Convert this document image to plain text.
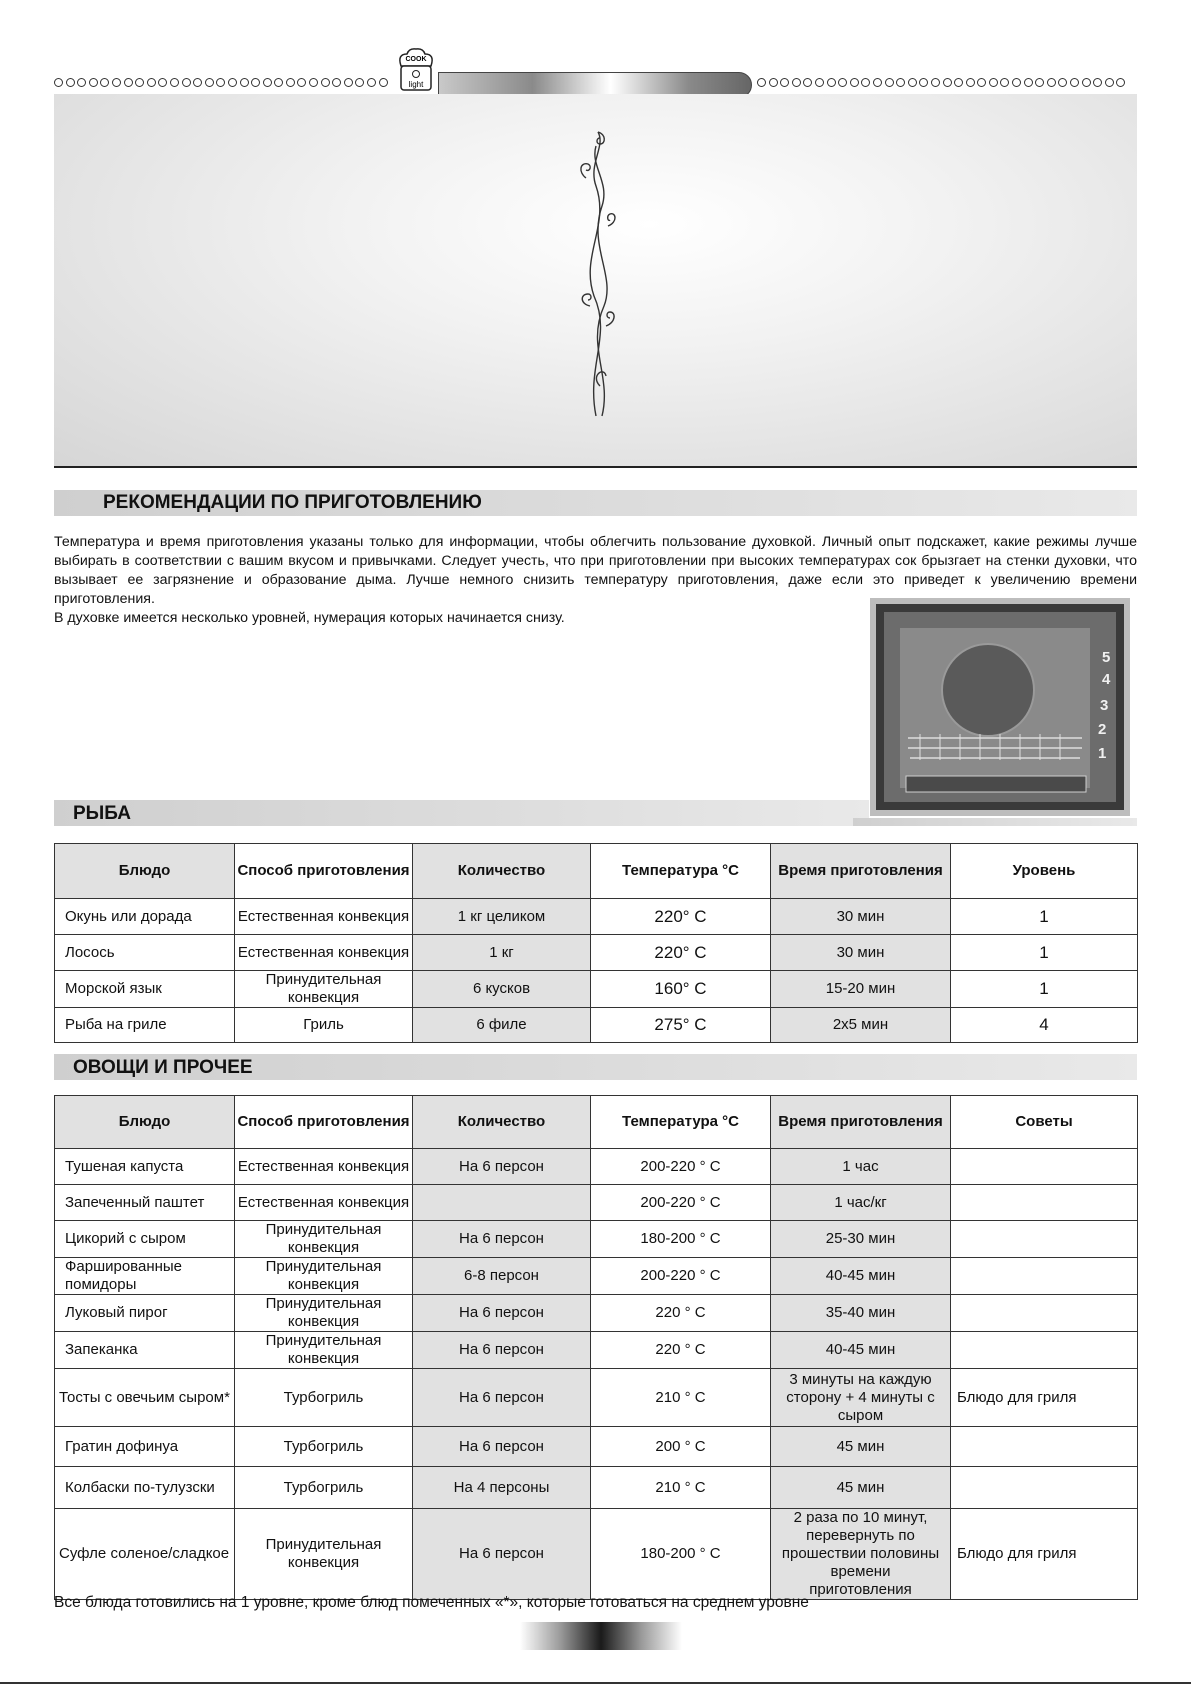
COOK
light
РЕКОМЕНДАЦИИ ПО ПРИГОТОВЛЕНИЮ
Температура и время приготовления указаны только для информации, чтобы облегчить пользование духовкой. Личный опыт подскажет, какие режимы лучше выбирать в соответствии с вашим вкусом и привычками. Следует учесть, что при приготовлении при высоких температурах сок брызгает на стенки духовки, что вызывает ее загрязнение и образование дыма. Лучше немного снизить температуру приготовления, даже если это приведет к увеличению времени приготовления.
В духовке имеется несколько уровней, нумерация которых начинается снизу.
5
4
3
2
1
РЫБА
Блюдо	Способ приготовления	Количество	Температура °C	Время приготовления	Уровень
Окунь или дорада	Естественная конвекция	1 кг целиком	220° C	30 мин	1
Лосось	Естественная конвекция	1 кг	220° C	30 мин	1
Морской язык	Принудительная конвекция	6 кусков	160° C	15-20 мин	1
Рыба на гриле	Гриль	6 филе	275° C	2x5 мин	4
ОВОЩИ И ПРОЧЕЕ
Блюдо	Способ приготовления	Количество	Температура °C	Время приготовления	Советы
Тушеная капуста	Естественная конвекция	На 6 персон	200-220 ° C	1 час	
Запеченный паштет	Естественная конвекция		200-220 ° C	1 час/кг	
Цикорий с сыром	Принудительная конвекция	На 6 персон	180-200 ° C	25-30 мин	
Фаршированные помидоры	Принудительная конвекция	6-8 персон	200-220 ° C	40-45 мин	
Луковый пирог	Принудительная конвекция	На 6 персон	220 ° C	35-40 мин	
Запеканка	Принудительная конвекция	На 6 персон	220 ° C	40-45 мин	
Тосты с овечьим сыром*	Турбогриль	На 6 персон	210 ° C	3 минуты на каждую сторону + 4 минуты с сыром	Блюдо для гриля
Гратин дофинуа	Турбогриль	На 6 персон	200 ° C	45 мин	
Колбаски по-тулузски	Турбогриль	На 4 персоны	210 ° C	45 мин	
Суфле соленое/сладкое	Принудительная конвекция	На 6 персон	180-200 ° C	2 раза по 10 минут, перевернуть по прошествии половины времени приготовления	Блюдо для гриля
Все блюда готовились на 1 уровне, кроме блюд помеченных «*», которые готоваться на среднем уровне
